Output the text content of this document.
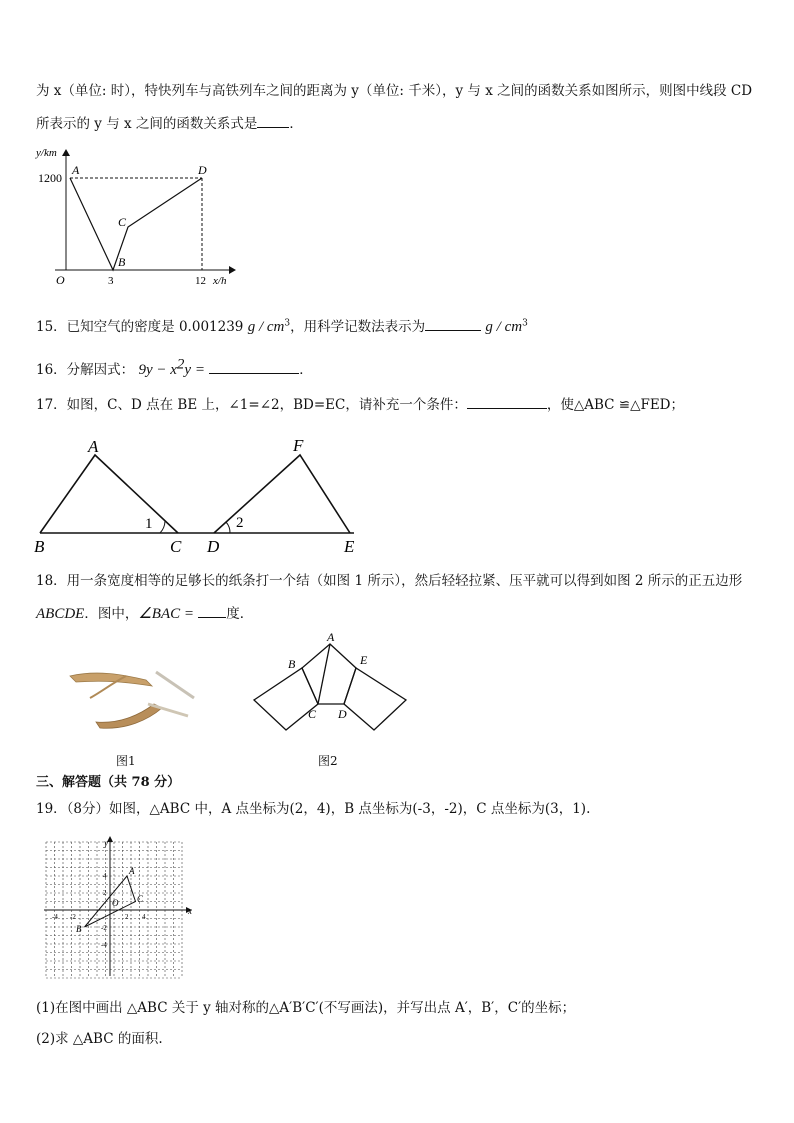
为 x（单位: 时），特快列车与高铁列车之间的距离为 y（单位: 千米），y 与 x 之间的函数关系如图所示，则图中线段 CD
所表示的 y 与 x 之间的函数关系式是 ．
y/km
x/h
O
1200
3	12
A
B
C
D
15．已知空气的密度是 0.001239 g / $cm^3$，用科学记数法表示为	g / $cm^3$
16．分解因式： $9y - x^2y$ =	．
17．如图，C、D 点在 BE 上，∠1=∠2，BD=EC，请补充一个条件：	，使△ABC ≌△FED；
A
B	C
1
F
D
2
E
18．用一条宽度相等的足够长的纸条打一个结（如图 1 所示），然后轻轻拉紧、压平就可以得到如图 2 所示的正五边形
ABCDE．图中，∠BAC = 度．
图1
A
B
C D
E
图2
三、解答题（共 78 分）
19．（8分）如图，△ABC 中，A 点坐标为(2，4)，B 点坐标为(-3，-2)，C 点坐标为(3，1).
x
y
O
-4 -2	2 4
4
2
-2
-4
A
B
C
(1)在图中画出 △ABC 关于 y 轴对称的△A′B′C′(不写画法)，并写出点 A′，B′，C′的坐标；
(2)求 △ABC 的面积.
